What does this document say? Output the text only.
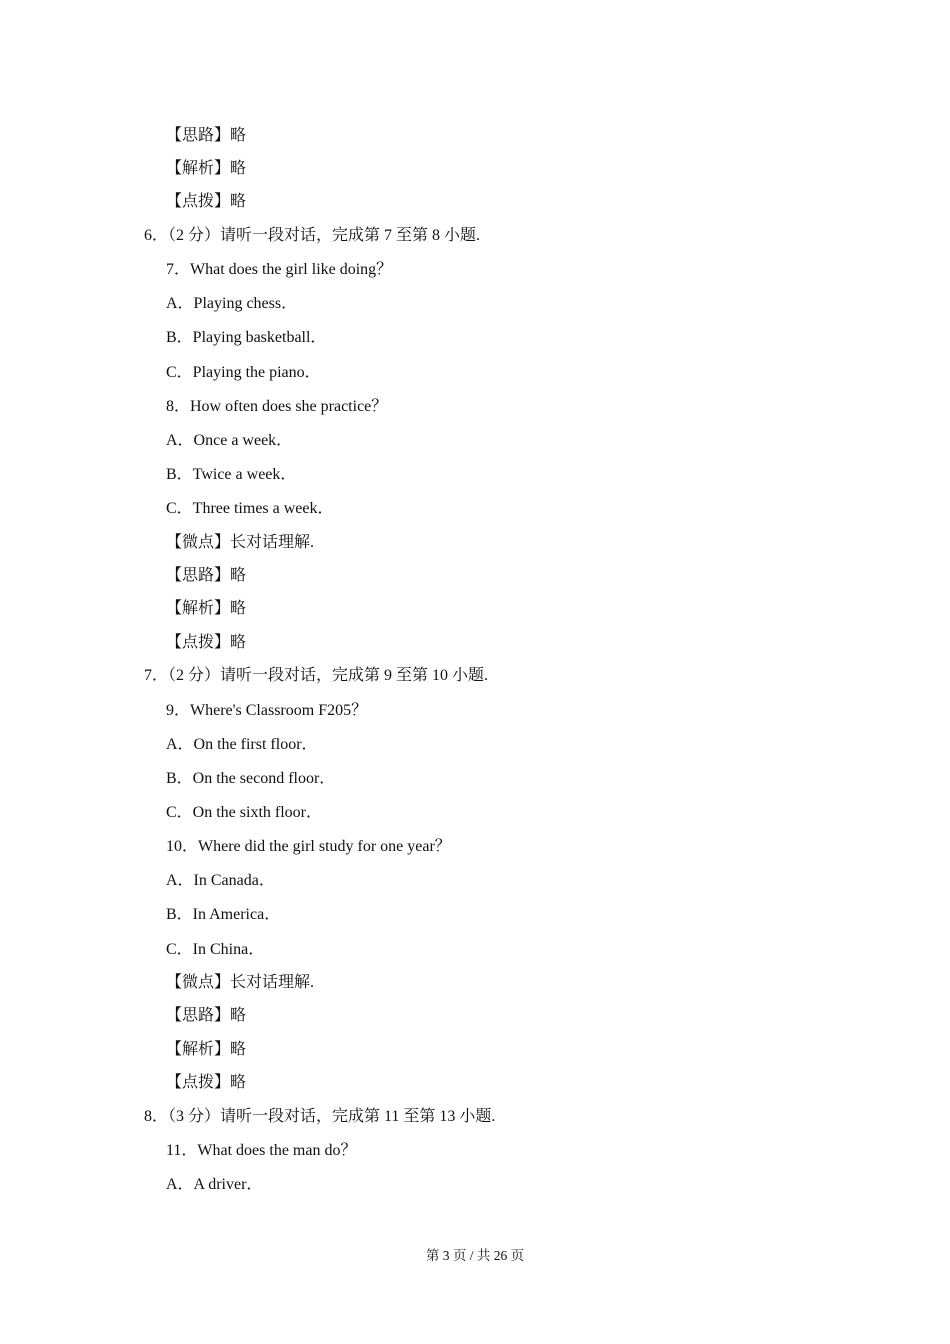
【思路】略
【解析】略
【点拨】略
6．（2 分）请听一段对话，完成第 7 至第 8 小题.
7．What does the girl like doing？
A．Playing chess．
B．Playing basketball．
C．Playing the piano．
8．How often does she practice？
A．Once a week．
B．Twice a week．
C．Three times a week．
【微点】长对话理解.
【思路】略
【解析】略
【点拨】略
7．（2 分）请听一段对话，完成第 9 至第 10 小题.
9．Where's Classroom F205？
A．On the first floor．
B．On the second floor．
C．On the sixth floor．
10．Where did the girl study for one year？
A．In Canada．
B．In America．
C．In China．
【微点】长对话理解.
【思路】略
【解析】略
【点拨】略
8．（3 分）请听一段对话，完成第 11 至第 13 小题.
11．What does the man do？
A．A driver．
第 3 页 / 共 26 页
